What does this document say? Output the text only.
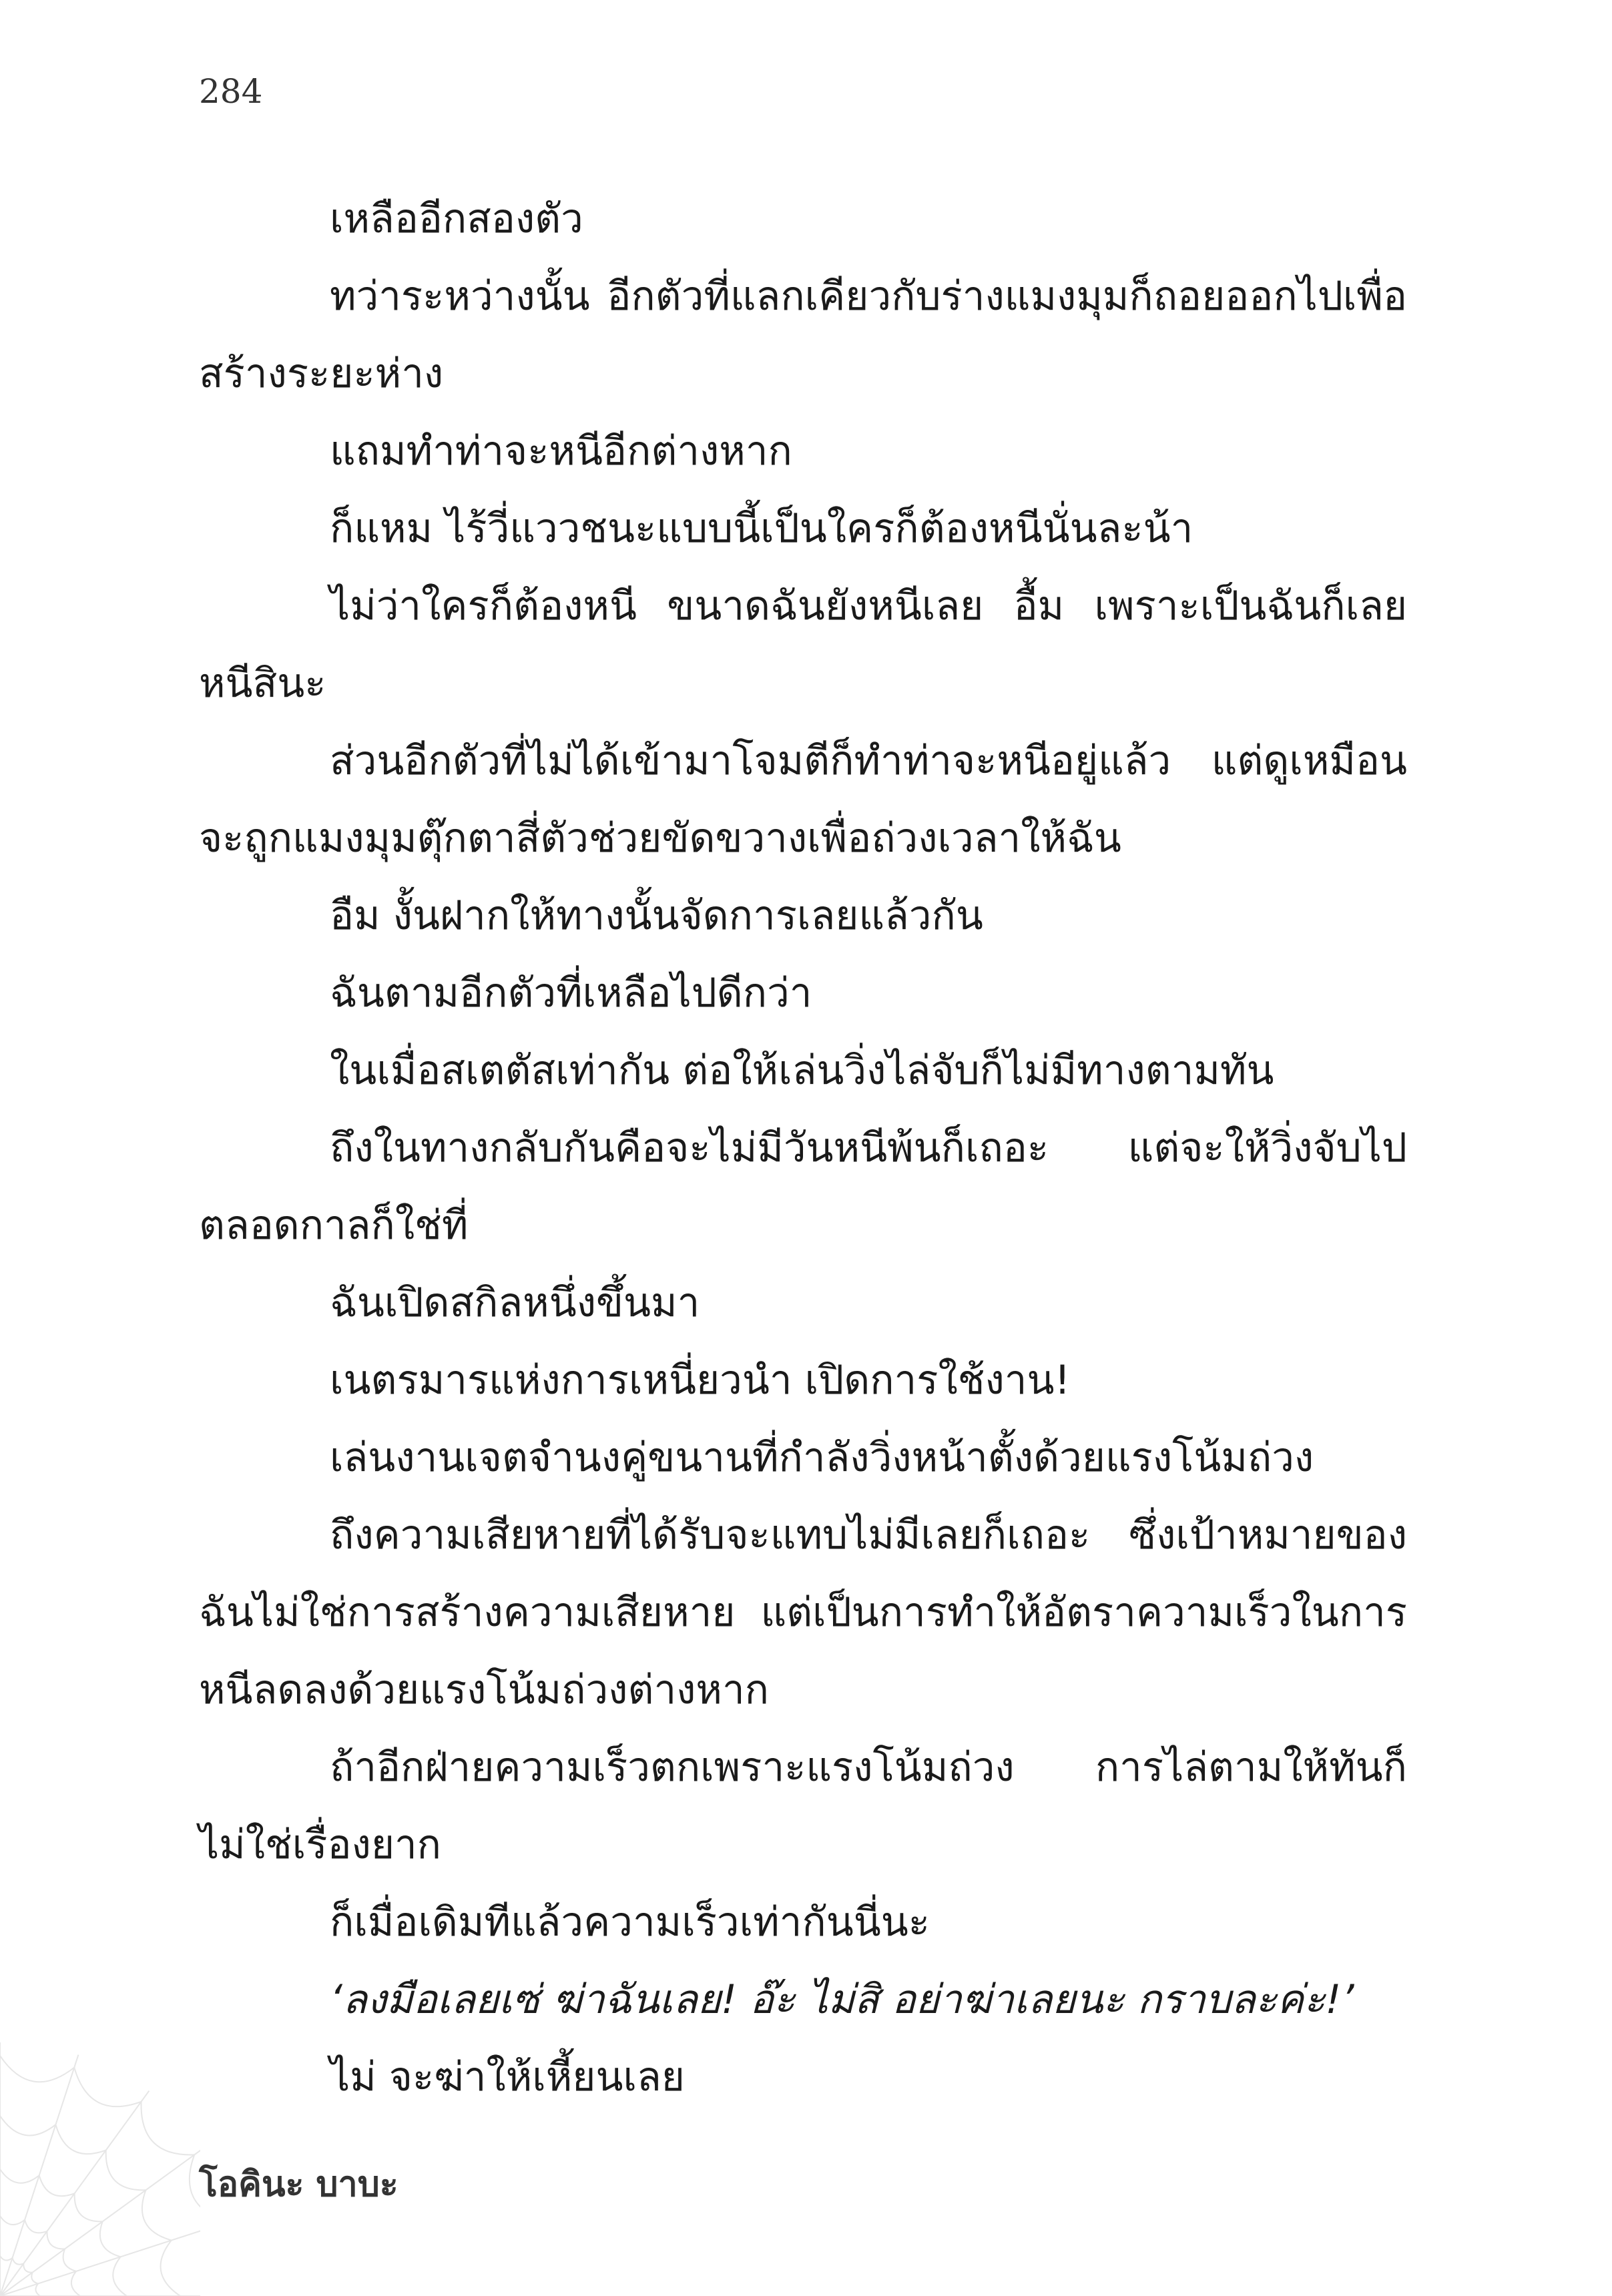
284

เหลืออีกสองตัว

ทว่าระหว่างนั้น อีกตัวที่แลกเคียวกับร่างแมงมุมก็ถอยออกไปเพื่อสร้างระยะห่าง

แถมทำท่าจะหนีอีกต่างหาก

ก็แหม ไร้วี่แววชนะแบบนี้เป็นใครก็ต้องหนีนั่นละน้า

ไม่ว่าใครก็ต้องหนี ขนาดฉันยังหนีเลย อื้ม เพราะเป็นฉันก็เลยหนีสินะ

ส่วนอีกตัวที่ไม่ได้เข้ามาโจมตีก็ทำท่าจะหนีอยู่แล้ว แต่ดูเหมือนจะถูกแมงมุมตุ๊กตาสี่ตัวช่วยขัดขวางเพื่อถ่วงเวลาให้ฉัน

อืม งั้นฝากให้ทางนั้นจัดการเลยแล้วกัน

ฉันตามอีกตัวที่เหลือไปดีกว่า

ในเมื่อสเตตัสเท่ากัน ต่อให้เล่นวิ่งไล่จับก็ไม่มีทางตามทัน

ถึงในทางกลับกันคือจะไม่มีวันหนีพ้นก็เถอะ แต่จะให้วิ่งจับไปตลอดกาลก็ใช่ที่

ฉันเปิดสกิลหนึ่งขึ้นมา

เนตรมารแห่งการเหนี่ยวนำ เปิดการใช้งาน!

เล่นงานเจตจำนงคู่ขนานที่กำลังวิ่งหน้าตั้งด้วยแรงโน้มถ่วง

ถึงความเสียหายที่ได้รับจะแทบไม่มีเลยก็เถอะ ซึ่งเป้าหมายของฉันไม่ใช่การสร้างความเสียหาย แต่เป็นการทำให้อัตราความเร็วในการหนีลดลงด้วยแรงโน้มถ่วงต่างหาก

ถ้าอีกฝ่ายความเร็วตกเพราะแรงโน้มถ่วง การไล่ตามให้ทันก็ไม่ใช่เรื่องยาก

ก็เมื่อเดิมทีแล้วความเร็วเท่ากันนี่นะ

‘ลงมือเลยเซ่ ฆ่าฉันเลย! อ๊ะ ไม่สิ อย่าฆ่าเลยนะ กราบละค่ะ!’

ไม่ จะฆ่าให้เหี้ยนเลย

โอคินะ บาบะ
